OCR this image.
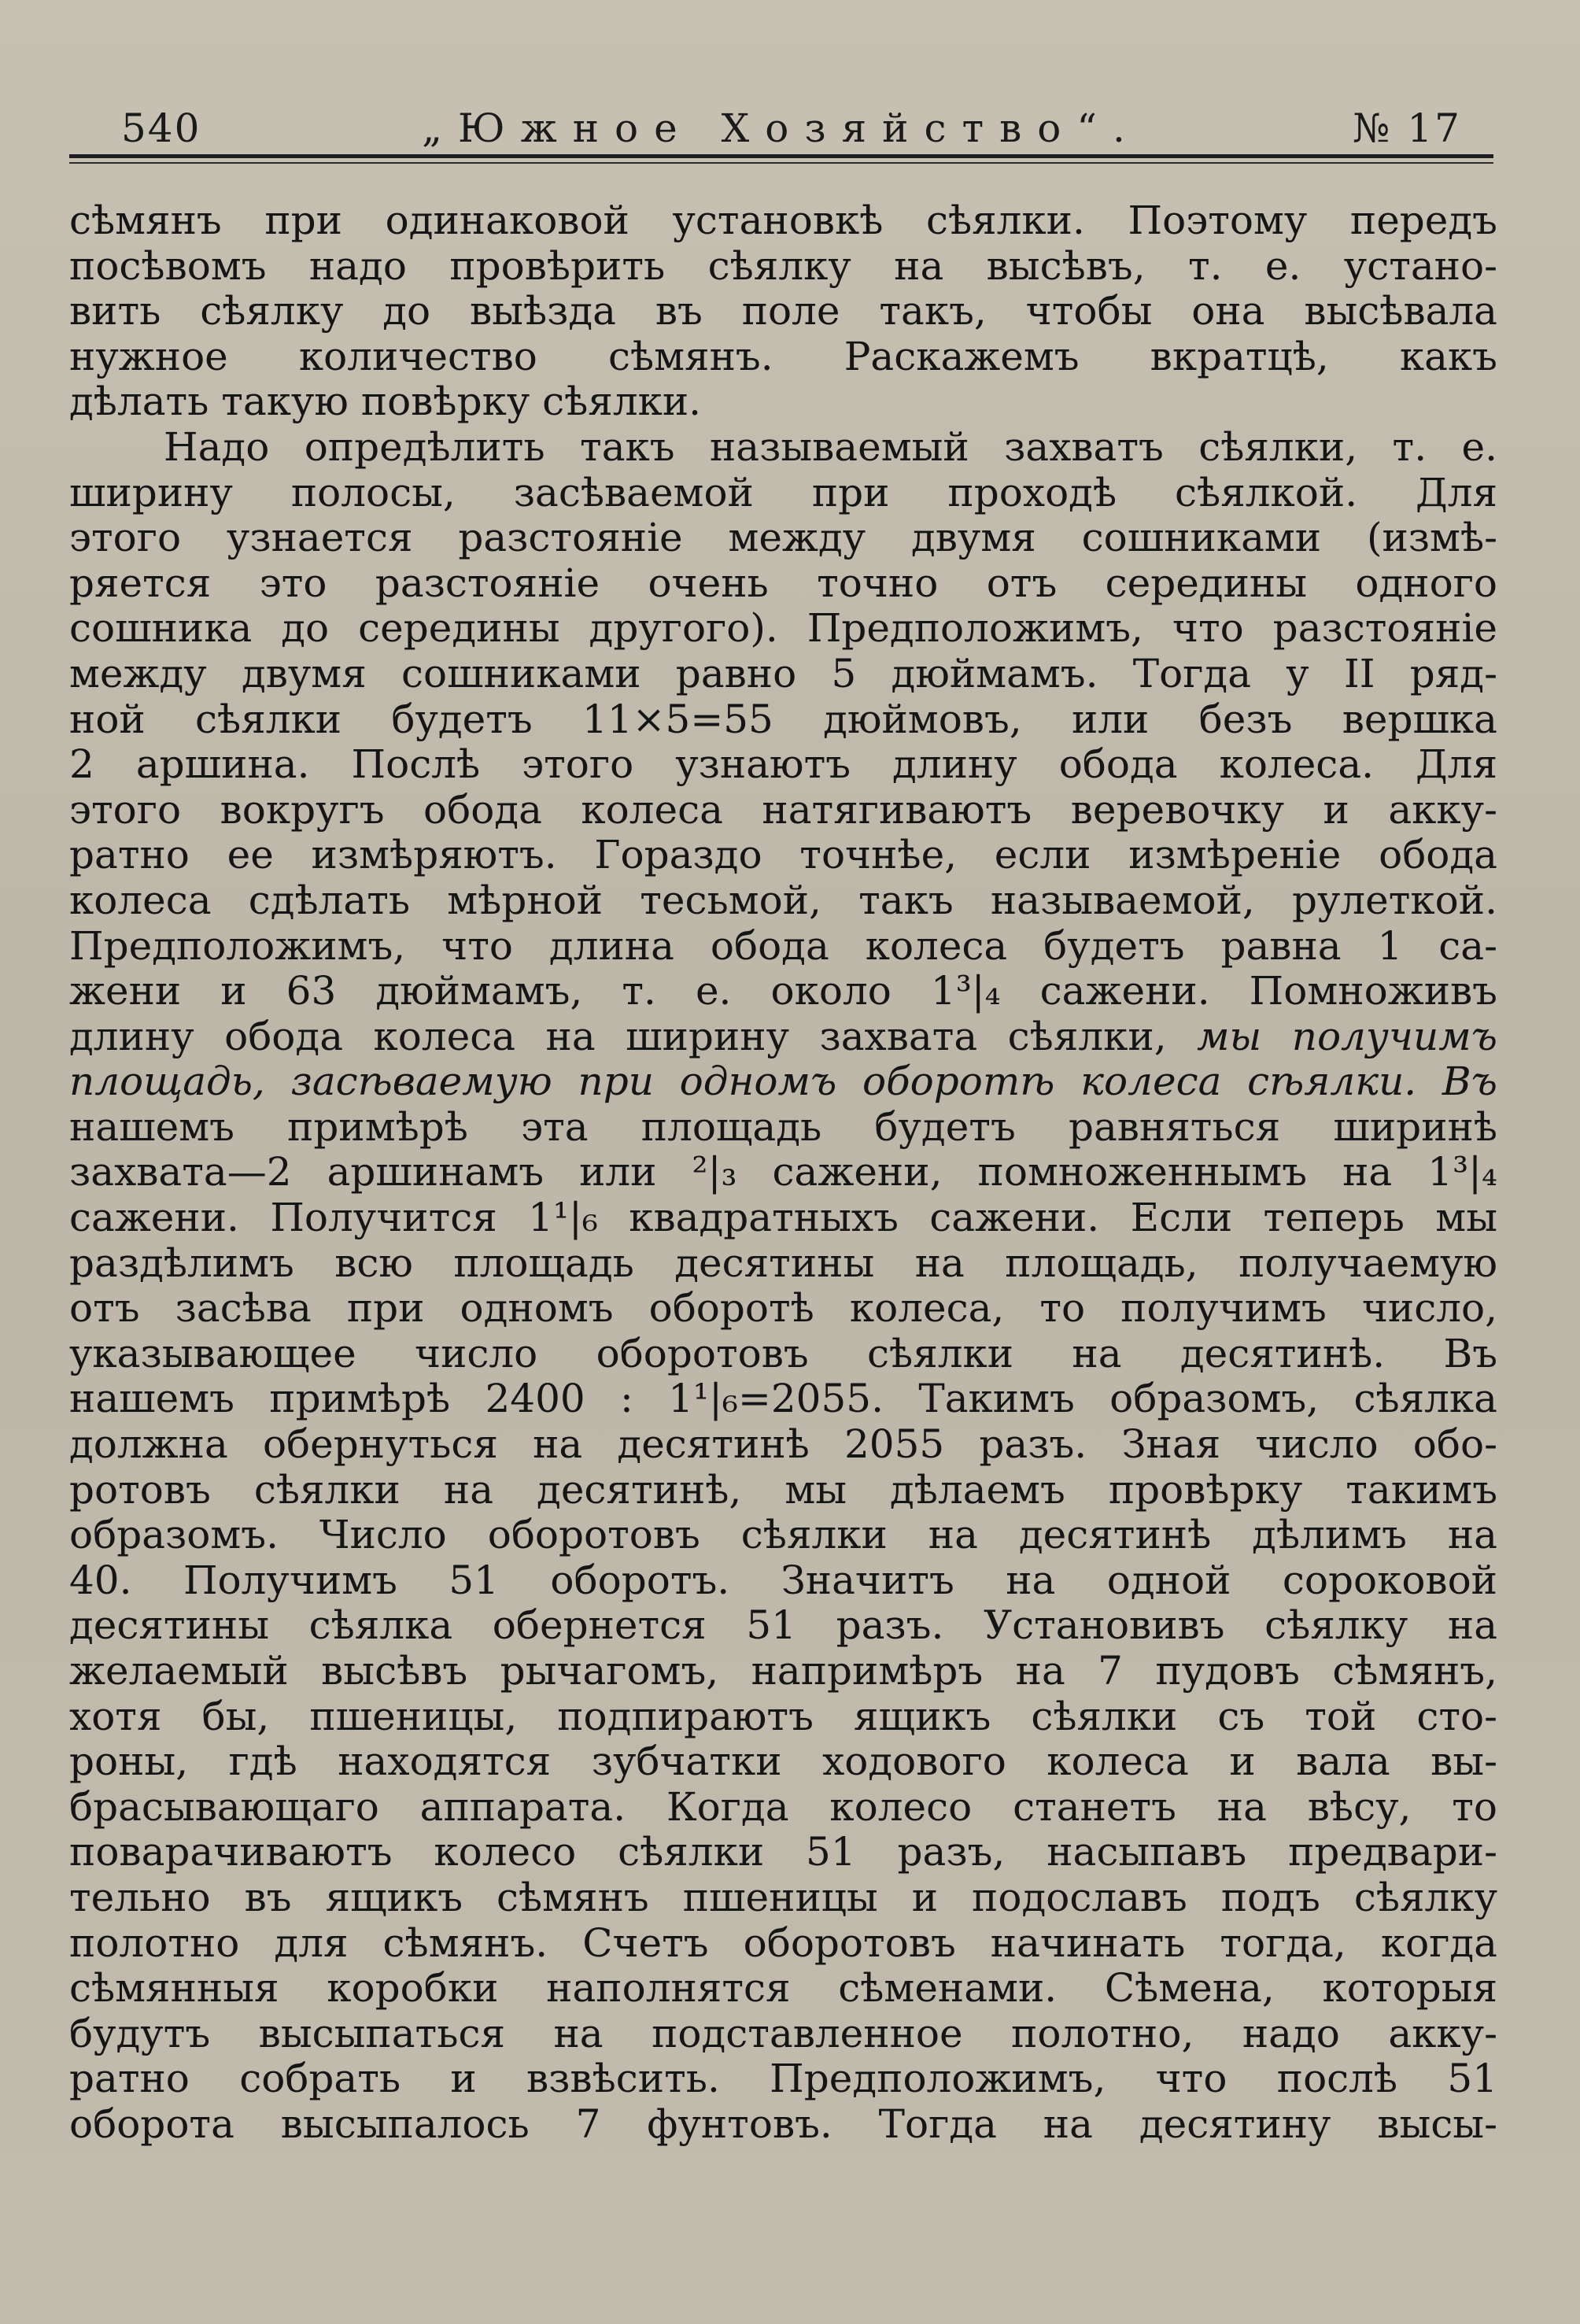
540	„Южное Хозяйство“.	№ 17
сѣмянъ при одинаковой установкѣ сѣялки. Поэтому передъ
посѣвомъ надо провѣрить сѣялку на высѣвъ, т. е. устано-
вить сѣялку до выѣзда въ поле такъ, чтобы она высѣвала
нужное количество сѣмянъ. Раскажемъ вкратцѣ, какъ
дѣлать такую повѣрку сѣялки.
Надо опредѣлить такъ называемый захватъ сѣялки, т. е.
ширину полосы, засѣваемой при проходѣ сѣялкой. Для
этого узнается разстояніе между двумя сошниками (измѣ-
ряется это разстояніе очень точно отъ середины одного
сошника до середины другого). Предположимъ, что разстояніе
между двумя сошниками равно 5 дюймамъ. Тогда у II ряд-
ной сѣялки будетъ 11×5=55 дюймовъ, или безъ вершка
2 аршина. Послѣ этого узнаютъ длину обода колеса. Для
этого вокругъ обода колеса натягиваютъ веревочку и акку-
ратно ее измѣряютъ. Гораздо точнѣе, если измѣреніе обода
колеса сдѣлать мѣрной тесьмой, такъ называемой, рулеткой.
Предположимъ, что длина обода колеса будетъ равна 1 са-
жени и 63 дюймамъ, т. е. около 1³|₄ сажени. Помноживъ
длину обода колеса на ширину захвата сѣялки, мы получимъ
площадь, засѣваемую при одномъ оборотѣ колеса сѣялки. Въ
нашемъ примѣрѣ эта площадь будетъ равняться ширинѣ
захвата—2 аршинамъ или ²|₃ сажени, помноженнымъ на 1³|₄
сажени. Получится 1¹|₆ квадратныхъ сажени. Если теперь мы
раздѣлимъ всю площадь десятины на площадь, получаемую
отъ засѣва при одномъ оборотѣ колеса, то получимъ число,
указывающее число оборотовъ сѣялки на десятинѣ. Въ
нашемъ примѣрѣ 2400 : 1¹|₆=2055. Такимъ образомъ, сѣялка
должна обернуться на десятинѣ 2055 разъ. Зная число обо-
ротовъ сѣялки на десятинѣ, мы дѣлаемъ провѣрку такимъ
образомъ. Число оборотовъ сѣялки на десятинѣ дѣлимъ на
40. Получимъ 51 оборотъ. Значитъ на одной сороковой
десятины сѣялка обернется 51 разъ. Установивъ сѣялку на
желаемый высѣвъ рычагомъ, напримѣръ на 7 пудовъ сѣмянъ,
хотя бы, пшеницы, подпираютъ ящикъ сѣялки съ той сто-
роны, гдѣ находятся зубчатки ходового колеса и вала вы-
брасывающаго аппарата. Когда колесо станетъ на вѣсу, то
поварачиваютъ колесо сѣялки 51 разъ, насыпавъ предвари-
тельно въ ящикъ сѣмянъ пшеницы и подославъ подъ сѣялку
полотно для сѣмянъ. Счетъ оборотовъ начинать тогда, когда
сѣмянныя коробки наполнятся сѣменами. Сѣмена, которыя
будутъ высыпаться на подставленное полотно, надо акку-
ратно собрать и взвѣсить. Предположимъ, что послѣ 51
оборота высыпалось 7 фунтовъ. Тогда на десятину высы-
